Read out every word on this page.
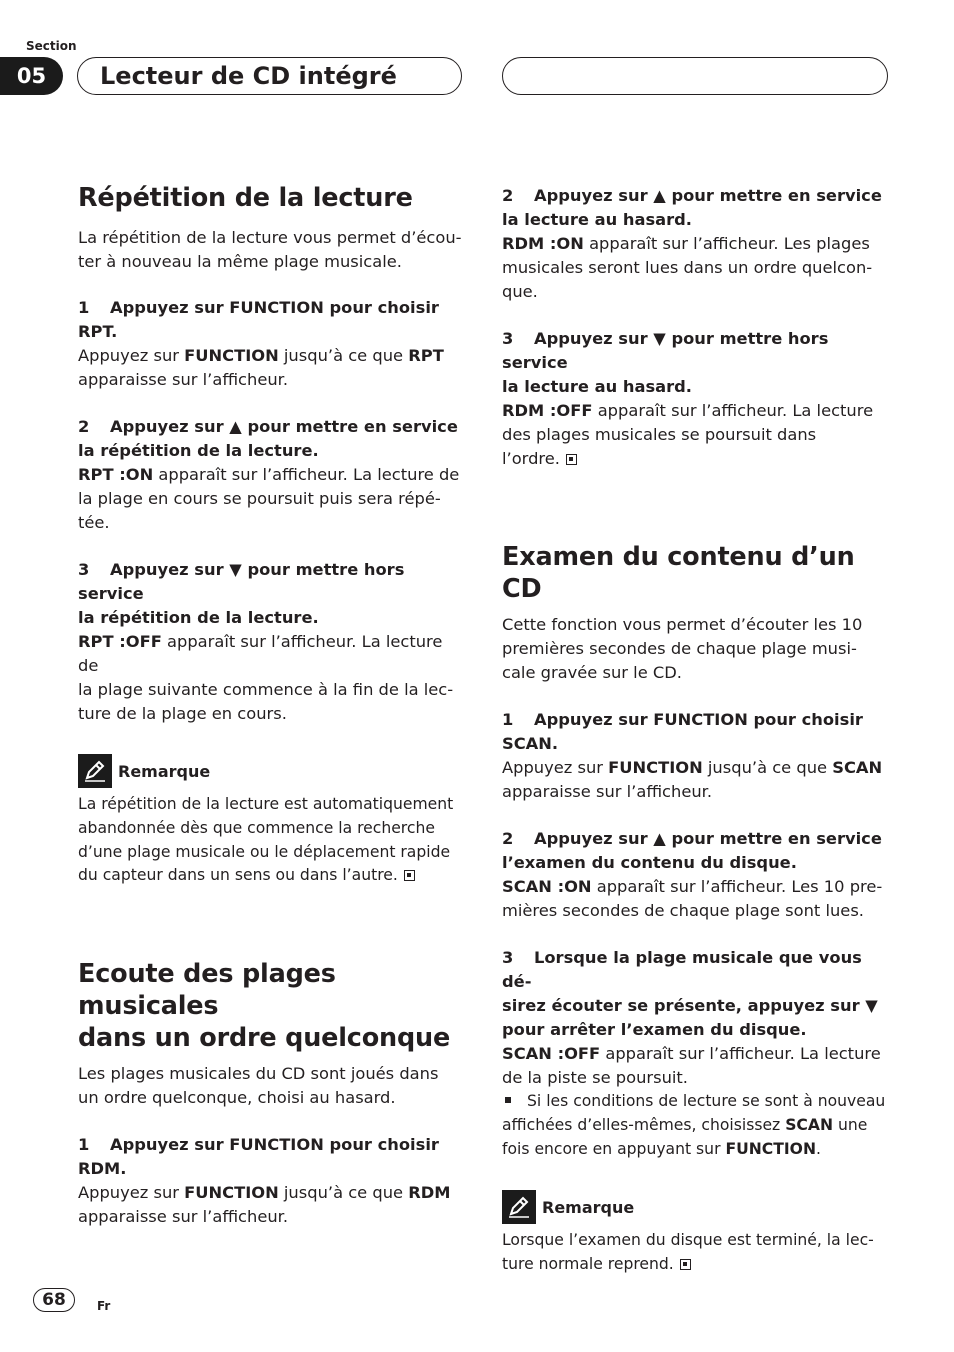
Section
05	Lecteur de CD intégré
Répétition de la lecture

La répétition de la lecture vous permet d’écou-

ter à nouveau la même plage musicale.

1 Appuyez sur FUNCTION pour choisir

RPT.

Appuyez sur FUNCTION jusqu’à ce que RPT

apparaisse sur l’afficheur.

2 Appuyez sur ▲ pour mettre en service

la répétition de la lecture.

RPT :ON apparaît sur l’afficheur. La lecture de

la plage en cours se poursuit puis sera répé-

tée.

3 Appuyez sur ▼ pour mettre hors service

la répétition de la lecture.

RPT :OFF apparaît sur l’afficheur. La lecture de

la plage suivante commence à la fin de la lec-

ture de la plage en cours.

Remarque

La répétition de la lecture est automatiquement

abandonnée dès que commence la recherche

d’une plage musicale ou le déplacement rapide

du capteur dans un sens ou dans l’autre.

Ecoute des plages musicales
dans un ordre quelconque

Les plages musicales du CD sont joués dans

un ordre quelconque, choisi au hasard.

1 Appuyez sur FUNCTION pour choisir

RDM.

Appuyez sur FUNCTION jusqu’à ce que RDM

apparaisse sur l’afficheur.

2 Appuyez sur ▲ pour mettre en service

la lecture au hasard.

RDM :ON apparaît sur l’afficheur. Les plages

musicales seront lues dans un ordre quelcon-

que.

3 Appuyez sur ▼ pour mettre hors service

la lecture au hasard.

RDM :OFF apparaît sur l’afficheur. La lecture

des plages musicales se poursuit dans

l’ordre.

Examen du contenu d’un CD

Cette fonction vous permet d’écouter les 10

premières secondes de chaque plage musi-

cale gravée sur le CD.

1 Appuyez sur FUNCTION pour choisir

SCAN.

Appuyez sur FUNCTION jusqu’à ce que SCAN

apparaisse sur l’afficheur.

2 Appuyez sur ▲ pour mettre en service

l’examen du contenu du disque.

SCAN :ON apparaît sur l’afficheur. Les 10 pre-

mières secondes de chaque plage sont lues.

3 Lorsque la plage musicale que vous dé-

sirez écouter se présente, appuyez sur ▼

pour arrêter l’examen du disque.

SCAN :OFF apparaît sur l’afficheur. La lecture

de la piste se poursuit.

Si les conditions de lecture se sont à nouveau

affichées d’elles-mêmes, choisissez SCAN une

fois encore en appuyant sur FUNCTION.

Remarque

Lorsque l’examen du disque est terminé, la lec-

ture normale reprend.

68	Fr
